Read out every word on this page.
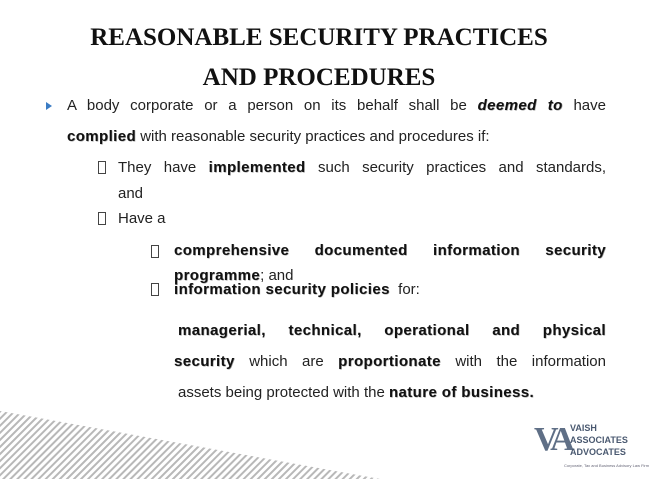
REASONABLE SECURITY PRACTICES
AND PROCEDURES
A body corporate or a person on its behalf shall be deemed to have
complied with reasonable security practices and procedures if:
They have implemented such security practices and standards,
and
Have a
comprehensive documented information security
programme; and
information security policies for:
managerial, technical, operational and physical
security which are proportionate with the information
assets being protected with the nature of business.
VA VAISH
ASSOCIATES
ADVOCATES
Corporate, Tax and Business Advisory Law Firm
